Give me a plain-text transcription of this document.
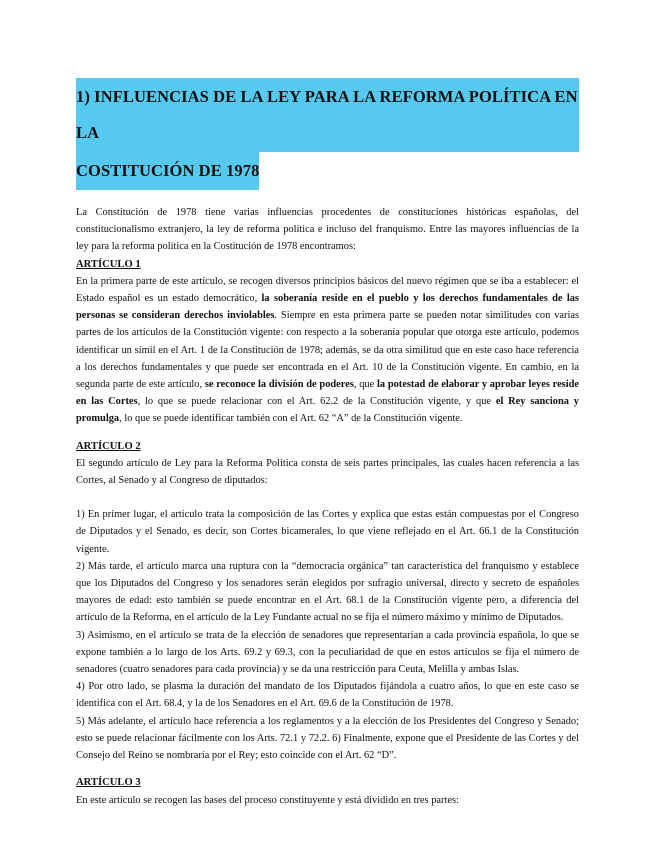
1) INFLUENCIAS DE LA LEY PARA LA REFORMA POLÍTICA EN LA
COSTITUCIÓN DE 1978

La Constitución de 1978 tiene varias influencias procedentes de constituciones históricas españolas, del constitucionalismo extranjero, la ley de reforma política e incluso del franquismo. Entre las mayores influencias de la ley para la reforma política en la Costitución de 1978 encontramos:

ARTÍCULO 1

En la primera parte de este artículo, se recogen diversos principios básicos del nuevo régimen que se iba a establecer: el Estado español es un estado democrático, la soberanía reside en el pueblo y los derechos fundamentales de las personas se consideran derechos inviolables. Siempre en esta primera parte se pueden notar similitudes con varias partes de los artículos de la Constitución vigente: con respecto a la soberanía popular que otorga este artículo, podemos identificar un símil en el Art. 1 de la Constitución de 1978; además, se da otra similitud que en este caso hace referencia a los derechos fundamentales y que puede ser encontrada en el Art. 10 de la Constitución vigente. En cambio, en la segunda parte de este artículo, se reconoce la división de poderes, que la potestad de elaborar y aprobar leyes reside en las Cortes, lo que se puede relacionar con el Art. 62.2 de la Constitución vigente, y que el Rey sanciona y promulga, lo que se puede identificar también con el Art. 62 “A” de la Constitución vigente.

ARTÍCULO 2

El segundo artículo de Ley para la Reforma Política consta de seis partes principales, las cuales hacen referencia a las Cortes, al Senado y al Congreso de diputados:

1) En primer lugar, el artículo trata la composición de las Cortes y explica que estas están compuestas por el Congreso de Diputados y el Senado, es decir, son Cortes bicamerales, lo que viene reflejado en el Art. 66.1 de la Constitución vigente.

2) Más tarde, el artículo marca una ruptura con la “democracia orgánica” tan característica del franquismo y establece que los Diputados del Congreso y los senadores serán elegidos por sufragio universal, directo y secreto de españoles mayores de edad: esto también se puede encontrar en el Art. 68.1 de la Constitución vigente pero, a diferencia del artículo de la Reforma, en el artículo de la Ley Fundante actual no se fija el número máximo y mínimo de Diputados.

3) Asimismo, en el artículo se trata de la elección de senadores que representarían a cada provincia española, lo que se expone también a lo largo de los Arts. 69.2 y 69.3, con la peculiaridad de que en estos artículos se fija el número de senadores (cuatro senadores para cada provincia) y se da una restricción para Ceuta, Melilla y ambas Islas.

4) Por otro lado, se plasma la duración del mandato de los Diputados fijándola a cuatro años, lo que en este caso se identifica con el Art. 68.4, y la de los Senadores en el Art. 69.6 de la Constitución de 1978.

5) Más adelante, el artículo hace referencia a los reglamentos y a la elección de los Presidentes del Congreso y Senado; esto se puede relacionar fácilmente con los Arts. 72.1 y 72.2. 6) Finalmente, expone que el Presidente de las Cortes y del Consejo del Reino se nombraría por el Rey; esto coincide con el Art. 62 “D”.

ARTÍCULO 3

En este artículo se recogen las bases del proceso constituyente y está dividido en tres partes:
